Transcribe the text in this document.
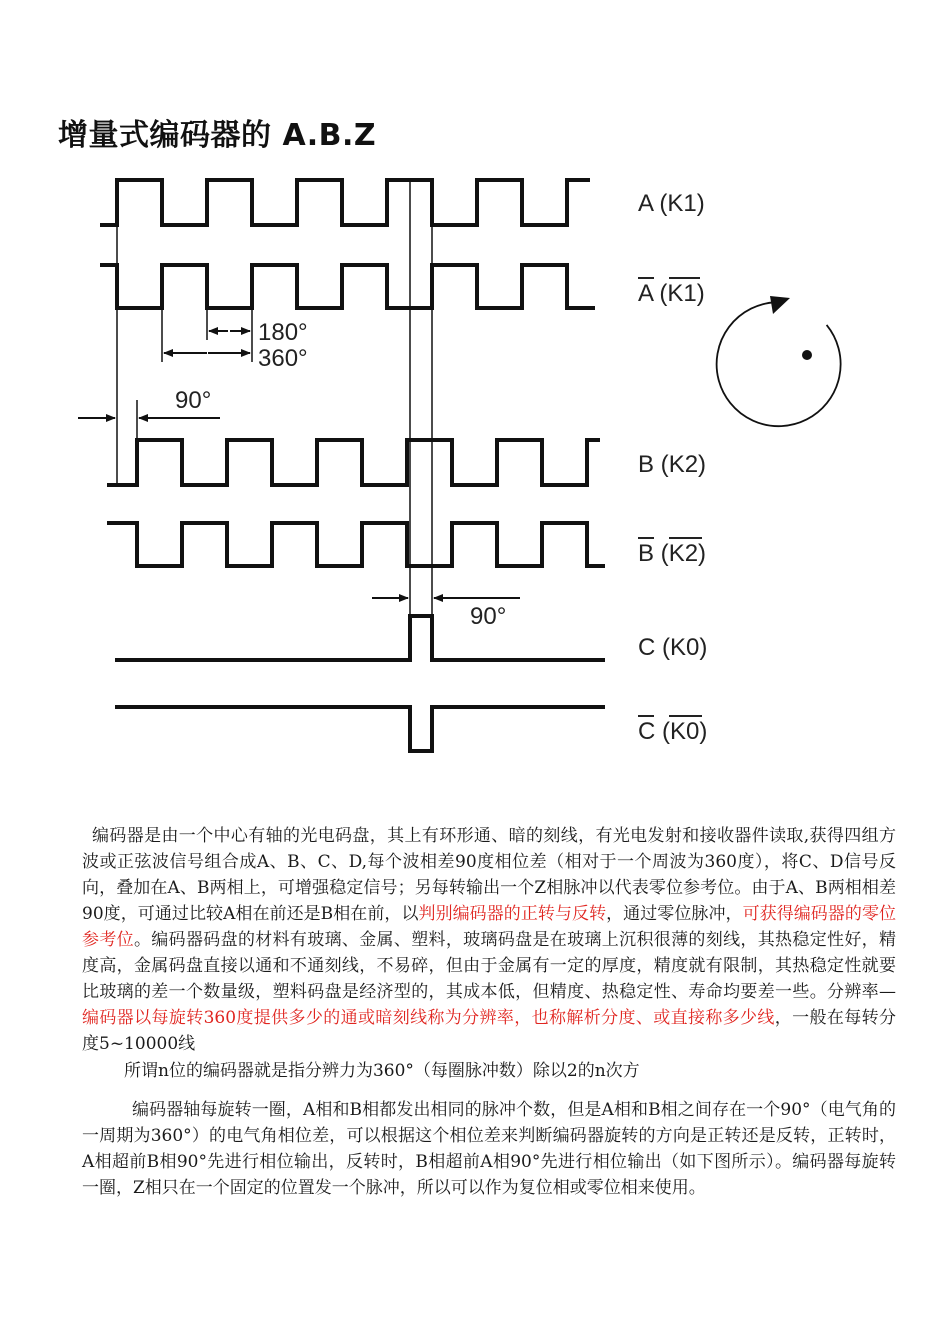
增量式编码器的 A.B.Z
180°
360°
90°
90°
A (K1)
A (K1)
B (K2)
B (K2)
C (K0)
C (K0)
编码器是由一个中心有轴的光电码盘，其上有环形通、暗的刻线，有光电发射和接收器件读取,获得四组方波或正弦波信号组合成A、B、C、D,每个波相差90度相位差（相对于一个周波为360度），将C、D信号反向，叠加在A、B两相上，可增强稳定信号；另每转输出一个Z相脉冲以代表零位参考位。由于A、B两相相差90度，可通过比较A相在前还是B相在前，以判别编码器的正转与反转，通过零位脉冲，可获得编码器的零位参考位。编码器码盘的材料有玻璃、金属、塑料，玻璃码盘是在玻璃上沉积很薄的刻线，其热稳定性好，精度高，金属码盘直接以通和不通刻线，不易碎，但由于金属有一定的厚度，精度就有限制，其热稳定性就要比玻璃的差一个数量级，塑料码盘是经济型的，其成本低，但精度、热稳定性、寿命均要差一些。分辨率—编码器以每旋转360度提供多少的通或暗刻线称为分辨率，也称解析分度、或直接称多少线，一般在每转分度5~10000线
所谓n位的编码器就是指分辨力为360°（每圈脉冲数）除以2的n次方
编码器轴每旋转一圈，A相和B相都发出相同的脉冲个数，但是A相和B相之间存在一个90°（电气角的一周期为360°）的电气角相位差，可以根据这个相位差来判断编码器旋转的方向是正转还是反转，正转时，A相超前B相90°先进行相位输出，反转时，B相超前A相90°先进行相位输出（如下图所示）。编码器每旋转一圈，Z相只在一个固定的位置发一个脉冲，所以可以作为复位相或零位相来使用。
